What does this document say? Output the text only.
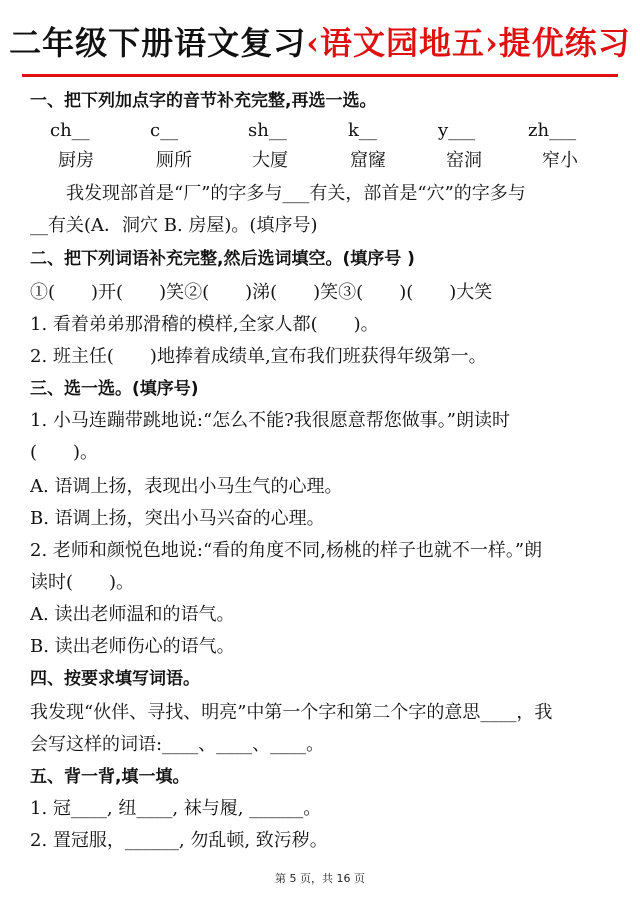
二年级下册语文复习‹语文园地五›提优练习
一、把下列加点字的音节补充完整,再选一选。
ch__	c__	sh__	k__	y___	zh___
厨房	厕所	大厦	窟窿	窑洞	窄小
我发现部首是“厂”的字多与___有关，部首是“穴”的字多与
__有关(A．洞穴 B. 房屋)。(填序号)
二、把下列词语补充完整,然后选词填空。(填序号 )
①(　　)开(　　)笑②(　　)涕(　　)笑③(　　)(　　)大笑
1. 看着弟弟那滑稽的模样,全家人都(　　)。
2. 班主任(　　)地捧着成绩单,宣布我们班获得年级第一。
三、选一选。(填序号)
1. 小马连蹦带跳地说:“怎么不能?我很愿意帮您做事。”朗读时
(　　)。
A. 语调上扬，表现出小马生气的心理。
B. 语调上扬，突出小马兴奋的心理。
2. 老师和颜悦色地说:“看的角度不同,杨桃的样子也就不一样。”朗
读时(　　)。
A. 读出老师温和的语气。
B. 读出老师伤心的语气。
四、按要求填写词语。
我发现“伙伴、寻找、明亮”中第一个字和第二个字的意思____，我
会写这样的词语:____、____、____。
五、背一背,填一填。
1. 冠____, 纽____, 袜与履, ______。
2. 置冠服，______, 勿乱顿, 致污秽。
第 5 页，共 16 页
